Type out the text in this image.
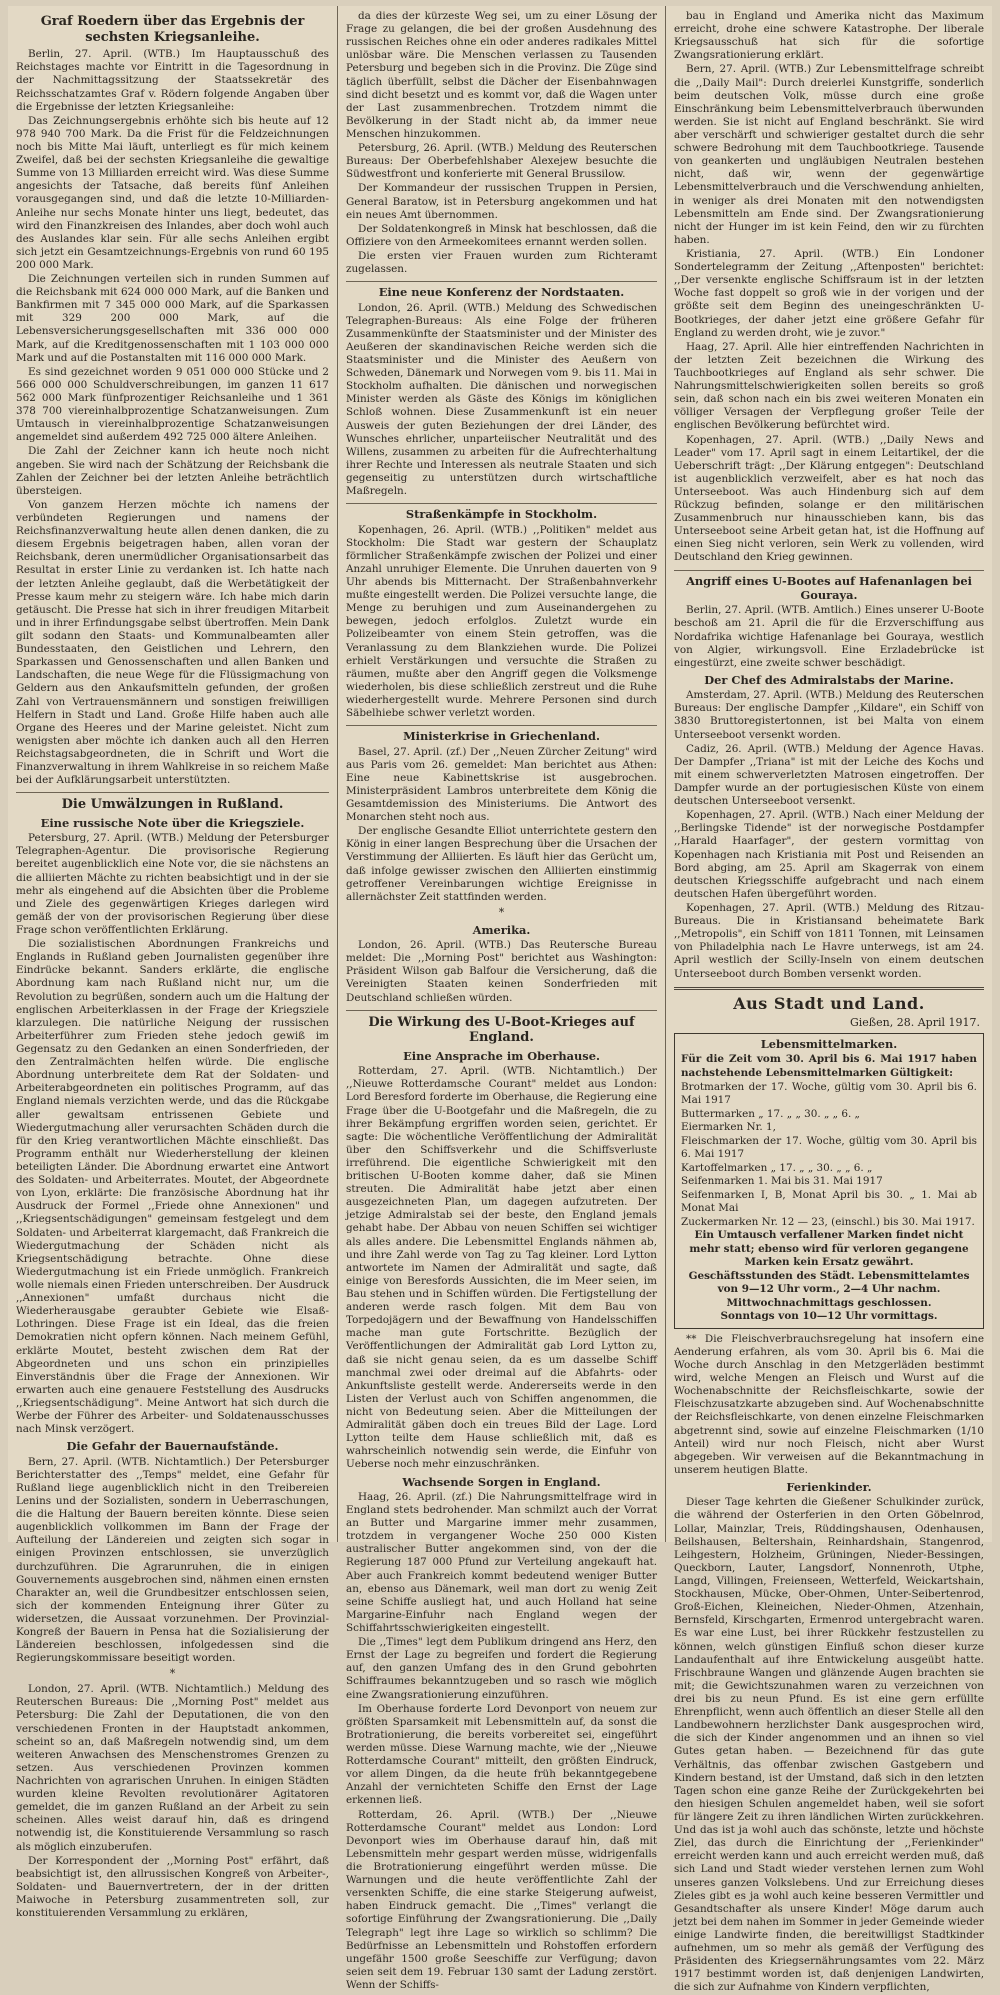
Graf Roedern über das Ergebnis der sechsten Kriegsanleihe.

Berlin, 27. April. (WTB.) Im Hauptausschuß des Reichstages machte vor Eintritt in die Tagesordnung in der Nachmittagssitzung der Staatssekretär des Reichsschatzamtes Graf v. Rödern folgende Angaben über die Ergebnisse der letzten Kriegsanleihe:

Das Zeichnungsergebnis erhöhte sich bis heute auf 12 978 940 700 Mark. Da die Frist für die Feldzeichnungen noch bis Mitte Mai läuft, unterliegt es für mich keinem Zweifel, daß bei der sechsten Kriegsanleihe die gewaltige Summe von 13 Milliarden erreicht wird. Was diese Summe angesichts der Tatsache, daß bereits fünf Anleihen vorausgegangen sind, und daß die letzte 10-Milliarden-Anleihe nur sechs Monate hinter uns liegt, bedeutet, das wird den Finanzkreisen des Inlandes, aber doch wohl auch des Auslandes klar sein. Für alle sechs Anleihen ergibt sich jetzt ein Gesamtzeichnungs-Ergebnis von rund 60 195 200 000 Mark.

Die Zeichnungen verteilen sich in runden Summen auf die Reichsbank mit 624 000 000 Mark, auf die Banken und Bankfirmen mit 7 345 000 000 Mark, auf die Sparkassen mit 329 200 000 Mark, auf die Lebensversicherungsgesellschaften mit 336 000 000 Mark, auf die Kreditgenossenschaften mit 1 103 000 000 Mark und auf die Postanstalten mit 116 000 000 Mark.

Es sind gezeichnet worden 9 051 000 000 Stücke und 2 566 000 000 Schuldverschreibungen, im ganzen 11 617 562 000 Mark fünfprozentiger Reichsanleihe und 1 361 378 700 viereinhalbprozentige Schatzanweisungen. Zum Umtausch in viereinhalbprozentige Schatzanweisungen angemeldet sind außerdem 492 725 000 ältere Anleihen.

Die Zahl der Zeichner kann ich heute noch nicht angeben. Sie wird nach der Schätzung der Reichsbank die Zahlen der Zeichner bei der letzten Anleihe beträchtlich übersteigen.

Von ganzem Herzen möchte ich namens der verbündeten Regierungen und namens der Reichsfinanzverwaltung heute allen denen danken, die zu diesem Ergebnis beigetragen haben, allen voran der Reichsbank, deren unermüdlicher Organisationsarbeit das Resultat in erster Linie zu verdanken ist. Ich hatte nach der letzten Anleihe geglaubt, daß die Werbetätigkeit der Presse kaum mehr zu steigern wäre. Ich habe mich darin getäuscht. Die Presse hat sich in ihrer freudigen Mitarbeit und in ihrer Erfindungsgabe selbst übertroffen. Mein Dank gilt sodann den Staats- und Kommunalbeamten aller Bundesstaaten, den Geistlichen und Lehrern, den Sparkassen und Genossenschaften und allen Banken und Landschaften, die neue Wege für die Flüssigmachung von Geldern aus den Ankaufsmitteln gefunden, der großen Zahl von Vertrauensmännern und sonstigen freiwilligen Helfern in Stadt und Land. Große Hilfe haben auch alle Organe des Heeres und der Marine geleistet. Nicht zum wenigsten aber möchte ich danken auch all den Herren Reichstagsabgeordneten, die in Schrift und Wort die Finanzverwaltung in ihrem Wahlkreise in so reichem Maße bei der Aufklärungsarbeit unterstützten.

Die Umwälzungen in Rußland.
Eine russische Note über die Kriegsziele.

Petersburg, 27. April. (WTB.) Meldung der Petersburger Telegraphen-Agentur. Die provisorische Regierung bereitet augenblicklich eine Note vor, die sie nächstens an die alliierten Mächte zu richten beabsichtigt und in der sie mehr als eingehend auf die Absichten über die Probleme und Ziele des gegenwärtigen Krieges darlegen wird gemäß der von der provisorischen Regierung über diese Frage schon veröffentlichten Erklärung.

Die sozialistischen Abordnungen Frankreichs und Englands in Rußland geben Journalisten gegenüber ihre Eindrücke bekannt. Sanders erklärte, die englische Abordnung kam nach Rußland nicht nur, um die Revolution zu begrüßen, sondern auch um die Haltung der englischen Arbeiterklassen in der Frage der Kriegsziele klarzulegen. Die natürliche Neigung der russischen Arbeiterführer zum Frieden stehe jedoch gewiß im Gegensatz zu den Gedanken an einen Sonderfrieden, der den Zentralmächten helfen würde. Die englische Abordnung unterbreitete dem Rat der Soldaten- und Arbeiterabgeordneten ein politisches Programm, auf das England niemals verzichten werde, und das die Rückgabe aller gewaltsam entrissenen Gebiete und Wiedergutmachung aller verursachten Schäden durch die für den Krieg verantwortlichen Mächte einschließt. Das Programm enthält nur Wiederherstellung der kleinen beteiligten Länder. Die Abordnung erwartet eine Antwort des Soldaten- und Arbeiterrates. Moutet, der Abgeordnete von Lyon, erklärte: Die französische Abordnung hat ihr Ausdruck der Formel ,,Friede ohne Annexionen" und ,,Kriegsentschädigungen" gemeinsam festgelegt und dem Soldaten- und Arbeiterrat klargemacht, daß Frankreich die Wiedergutmachung der Schäden nicht als Kriegsentschädigung betrachte. Ohne diese Wiedergutmachung ist ein Friede unmöglich. Frankreich wolle niemals einen Frieden unterschreiben. Der Ausdruck ,,Annexionen" umfaßt durchaus nicht die Wiederherausgabe geraubter Gebiete wie Elsaß-Lothringen. Diese Frage ist ein Ideal, das die freien Demokratien nicht opfern können. Nach meinem Gefühl, erklärte Moutet, besteht zwischen dem Rat der Abgeordneten und uns schon ein prinzipielles Einverständnis über die Frage der Annexionen. Wir erwarten auch eine genauere Feststellung des Ausdrucks ,,Kriegsentschädigung". Meine Antwort hat sich durch die Werbe der Führer des Arbeiter- und Soldatenausschusses nach Minsk verzögert.

Die Gefahr der Bauernaufstände.

Bern, 27. April. (WTB. Nichtamtlich.) Der Petersburger Berichterstatter des ,,Temps" meldet, eine Gefahr für Rußland liege augenblicklich nicht in den Treibereien Lenins und der Sozialisten, sondern in Ueberraschungen, die die Haltung der Bauern bereiten könnte. Diese seien augenblicklich vollkommen im Bann der Frage der Aufteilung der Ländereien und zeigten sich sogar in einigen Provinzen entschlossen, sie unverzüglich durchzuführen. Die Agrarunruhen, die in einigen Gouvernements ausgebrochen sind, nähmen einen ernsten Charakter an, weil die Grundbesitzer entschlossen seien, sich der kommenden Enteignung ihrer Güter zu widersetzen, die Aussaat vorzunehmen. Der Provinzial-Kongreß der Bauern in Pensa hat die Sozialisierung der Ländereien beschlossen, infolgedessen sind die Regierungskommissare beseitigt worden.

*

London, 27. April. (WTB. Nichtamtlich.) Meldung des Reuterschen Bureaus: Die ,,Morning Post" meldet aus Petersburg: Die Zahl der Deputationen, die von den verschiedenen Fronten in der Hauptstadt ankommen, scheint so an, daß Maßregeln notwendig sind, um dem weiteren Anwachsen des Menschenstromes Grenzen zu setzen. Aus verschiedenen Provinzen kommen Nachrichten von agrarischen Unruhen. In einigen Städten wurden kleine Revolten revolutionärer Agitatoren gemeldet, die im ganzen Rußland an der Arbeit zu sein scheinen. Alles weist darauf hin, daß es dringend notwendig ist, die Konstituierende Versammlung so rasch als möglich einzuberufen.

Der Korrespondent der ,,Morning Post" erfährt, daß beabsichtigt ist, den allrussischen Kongreß von Arbeiter-, Soldaten- und Bauernvertretern, der in der dritten Maiwoche in Petersburg zusammentreten soll, zur konstituierenden Versammlung zu erklären,

da dies der kürzeste Weg sei, um zu einer Lösung der Frage zu gelangen, die bei der großen Ausdehnung des russischen Reiches ohne ein oder anderes radikales Mittel unlösbar wäre. Die Menschen verlassen zu Tausenden Petersburg und begeben sich in die Provinz. Die Züge sind täglich überfüllt, selbst die Dächer der Eisenbahnwagen sind dicht besetzt und es kommt vor, daß die Wagen unter der Last zusammenbrechen. Trotzdem nimmt die Bevölkerung in der Stadt nicht ab, da immer neue Menschen hinzukommen.

Petersburg, 26. April. (WTB.) Meldung des Reuterschen Bureaus: Der Oberbefehlshaber Alexejew besuchte die Südwestfront und konferierte mit General Brussilow.

Der Kommandeur der russischen Truppen in Persien, General Baratow, ist in Petersburg angekommen und hat ein neues Amt übernommen.

Der Soldatenkongreß in Minsk hat beschlossen, daß die Offiziere von den Armeekomitees ernannt werden sollen.

Die ersten vier Frauen wurden zum Richteramt zugelassen.

Eine neue Konferenz der Nordstaaten.

London, 26. April. (WTB.) Meldung des Schwedischen Telegraphen-Bureaus: Als eine Folge der früheren Zusammenkünfte der Staatsminister und der Minister des Aeußeren der skandinavischen Reiche werden sich die Staatsminister und die Minister des Aeußern von Schweden, Dänemark und Norwegen vom 9. bis 11. Mai in Stockholm aufhalten. Die dänischen und norwegischen Minister werden als Gäste des Königs im königlichen Schloß wohnen. Diese Zusammenkunft ist ein neuer Ausweis der guten Beziehungen der drei Länder, des Wunsches ehrlicher, unparteiischer Neutralität und des Willens, zusammen zu arbeiten für die Aufrechterhaltung ihrer Rechte und Interessen als neutrale Staaten und sich gegenseitig zu unterstützen durch wirtschaftliche Maßregeln.

Straßenkämpfe in Stockholm.

Kopenhagen, 26. April. (WTB.) ,,Politiken" meldet aus Stockholm: Die Stadt war gestern der Schauplatz förmlicher Straßenkämpfe zwischen der Polizei und einer Anzahl unruhiger Elemente. Die Unruhen dauerten von 9 Uhr abends bis Mitternacht. Der Straßenbahnverkehr mußte eingestellt werden. Die Polizei versuchte lange, die Menge zu beruhigen und zum Auseinandergehen zu bewegen, jedoch erfolglos. Zuletzt wurde ein Polizeibeamter von einem Stein getroffen, was die Veranlassung zu dem Blankziehen wurde. Die Polizei erhielt Verstärkungen und versuchte die Straßen zu räumen, mußte aber den Angriff gegen die Volksmenge wiederholen, bis diese schließlich zerstreut und die Ruhe wiederhergestellt wurde. Mehrere Personen sind durch Säbelhiebe schwer verletzt worden.

Ministerkrise in Griechenland.

Basel, 27. April. (zf.) Der ,,Neuen Zürcher Zeitung" wird aus Paris vom 26. gemeldet: Man berichtet aus Athen: Eine neue Kabinettskrise ist ausgebrochen. Ministerpräsident Lambros unterbreitete dem König die Gesamtdemission des Ministeriums. Die Antwort des Monarchen steht noch aus.

Der englische Gesandte Elliot unterrichtete gestern den König in einer langen Besprechung über die Ursachen der Verstimmung der Alliierten. Es läuft hier das Gerücht um, daß infolge gewisser zwischen den Alliierten einstimmig getroffener Vereinbarungen wichtige Ereignisse in allernächster Zeit stattfinden werden.

*
Amerika.

London, 26. April. (WTB.) Das Reutersche Bureau meldet: Die ,,Morning Post" berichtet aus Washington: Präsident Wilson gab Balfour die Versicherung, daß die Vereinigten Staaten keinen Sonderfrieden mit Deutschland schließen würden.

Die Wirkung des U-Boot-Krieges auf England.
Eine Ansprache im Oberhause.

Rotterdam, 27. April. (WTB. Nichtamtlich.) Der ,,Nieuwe Rotterdamsche Courant" meldet aus London: Lord Beresford forderte im Oberhause, die Regierung eine Frage über die U-Bootgefahr und die Maßregeln, die zu ihrer Bekämpfung ergriffen worden seien, gerichtet. Er sagte: Die wöchentliche Veröffentlichung der Admiralität über den Schiffsverkehr und die Schiffsverluste irreführend. Die eigentliche Schwierigkeit mit den britischen U-Booten komme daher, daß sie Minen streuten. Die Admiralität habe jetzt aber einen ausgezeichneten Plan, um dagegen aufzutreten. Der jetzige Admiralstab sei der beste, den England jemals gehabt habe. Der Abbau von neuen Schiffen sei wichtiger als alles andere. Die Lebensmittel Englands nähmen ab, und ihre Zahl werde von Tag zu Tag kleiner. Lord Lytton antwortete im Namen der Admiralität und sagte, daß einige von Beresfords Aussichten, die im Meer seien, im Bau stehen und in Schiffen würden. Die Fertigstellung der anderen werde rasch folgen. Mit dem Bau von Torpedojägern und der Bewaffnung von Handelsschiffen mache man gute Fortschritte. Bezüglich der Veröffentlichungen der Admiralität gab Lord Lytton zu, daß sie nicht genau seien, da es um dasselbe Schiff manchmal zwei oder dreimal auf die Abfahrts- oder Ankunftsliste gestellt werde. Andererseits werde in den Listen der Verlust auch von Schiffen angenommen, die nicht von Bedeutung seien. Aber die Mitteilungen der Admiralität gäben doch ein treues Bild der Lage. Lord Lytton teilte dem Hause schließlich mit, daß es wahrscheinlich notwendig sein werde, die Einfuhr von Ueberse noch mehr einzuschränken.

Wachsende Sorgen in England.

Haag, 26. April. (zf.) Die Nahrungsmittelfrage wird in England stets bedrohender. Man schmilzt auch der Vorrat an Butter und Margarine immer mehr zusammen, trotzdem in vergangener Woche 250 000 Kisten australischer Butter angekommen sind, von der die Regierung 187 000 Pfund zur Verteilung angekauft hat. Aber auch Frankreich kommt bedeutend weniger Butter an, ebenso aus Dänemark, weil man dort zu wenig Zeit seine Schiffe ausliegt hat, und auch Holland hat seine Margarine-Einfuhr nach England wegen der Schiffahrtsschwierigkeiten eingestellt.

Die ,,Times" legt dem Publikum dringend ans Herz, den Ernst der Lage zu begreifen und fordert die Regierung auf, den ganzen Umfang des in den Grund gebohrten Schiffraumes bekanntzugeben und so rasch wie möglich eine Zwangsrationierung einzuführen.

Im Oberhause forderte Lord Devonport von neuem zur größten Sparsamkeit mit Lebensmitteln auf, da sonst die Brotrationierung, die bereits vorbereitet sei, eingeführt werden müsse. Diese Warnung machte, wie der ,,Nieuwe Rotterdamsche Courant" mitteilt, den größten Eindruck, vor allem Dingen, da die heute früh bekanntgegebene Anzahl der vernichteten Schiffe den Ernst der Lage erkennen ließ.

Rotterdam, 26. April. (WTB.) Der ,,Nieuwe Rotterdamsche Courant" meldet aus London: Lord Devonport wies im Oberhause darauf hin, daß mit Lebensmitteln mehr gespart werden müsse, widrigenfalls die Brotrationierung eingeführt werden müsse. Die Warnungen und die heute veröffentlichte Zahl der versenkten Schiffe, die eine starke Steigerung aufweist, haben Eindruck gemacht. Die ,,Times" verlangt die sofortige Einführung der Zwangsrationierung. Die ,,Daily Telegraph" legt ihre Lage so wirklich so schlimm? Die Bedürfnisse an Lebensmitteln und Rohstoffen erfordern ungefähr 1500 große Seeschiffe zur Verfügung; davon seien seit dem 19. Februar 130 samt der Ladung zerstört. Wenn der Schiffs-

bau in England und Amerika nicht das Maximum erreicht, drohe eine schwere Katastrophe. Der liberale Kriegsausschuß hat sich für die sofortige Zwangsrationierung erklärt.

Bern, 27. April. (WTB.) Zur Lebensmittelfrage schreibt die ,,Daily Mail": Durch dreierlei Kunstgriffe, sonderlich beim deutschen Volk, müsse durch eine große Einschränkung beim Lebensmittelverbrauch überwunden werden. Sie ist nicht auf England beschränkt. Sie wird aber verschärft und schwieriger gestaltet durch die sehr schwere Bedrohung mit dem Tauchbootkriege. Tausende von geankerten und ungläubigen Neutralen bestehen nicht, daß wir, wenn der gegenwärtige Lebensmittelverbrauch und die Verschwendung anhielten, in weniger als drei Monaten mit den notwendigsten Lebensmitteln am Ende sind. Der Zwangsrationierung nicht der Hunger im ist kein Feind, den wir zu fürchten haben.

Kristiania, 27. April. (WTB.) Ein Londoner Sondertelegramm der Zeitung ,,Aftenposten" berichtet: ,,Der versenkte englische Schiffsraum ist in der letzten Woche fast doppelt so groß wie in der vorigen und der größte seit dem Beginn des uneingeschränkten U-Bootkrieges, der daher jetzt eine größere Gefahr für England zu werden droht, wie je zuvor."

Haag, 27. April. Alle hier eintreffenden Nachrichten in der letzten Zeit bezeichnen die Wirkung des Tauchbootkrieges auf England als sehr schwer. Die Nahrungsmittelschwierigkeiten sollen bereits so groß sein, daß schon nach ein bis zwei weiteren Monaten ein völliger Versagen der Verpflegung großer Teile der englischen Bevölkerung befürchtet wird.

Kopenhagen, 27. April. (WTB.) ,,Daily News and Leader" vom 17. April sagt in einem Leitartikel, der die Ueberschrift trägt: ,,Der Klärung entgegen": Deutschland ist augenblicklich verzweifelt, aber es hat noch das Unterseeboot. Was auch Hindenburg sich auf dem Rückzug befinden, solange er den militärischen Zusammenbruch nur hinausschieben kann, bis das Unterseeboot seine Arbeit getan hat, ist die Hoffnung auf einen Sieg nicht verloren, sein Werk zu vollenden, wird Deutschland den Krieg gewinnen.

Angriff eines U-Bootes auf Hafenanlagen bei Gouraya.

Berlin, 27. April. (WTB. Amtlich.) Eines unserer U-Boote beschoß am 21. April die für die Erzverschiffung aus Nordafrika wichtige Hafenanlage bei Gouraya, westlich von Algier, wirkungsvoll. Eine Erzladebrücke ist eingestürzt, eine zweite schwer beschädigt.

Der Chef des Admiralstabs der Marine.

Amsterdam, 27. April. (WTB.) Meldung des Reuterschen Bureaus: Der englische Dampfer ,,Kildare", ein Schiff von 3830 Bruttoregistertonnen, ist bei Malta von einem Unterseeboot versenkt worden.

Cadiz, 26. April. (WTB.) Meldung der Agence Havas. Der Dampfer ,,Triana" ist mit der Leiche des Kochs und mit einem schwerverletzten Matrosen eingetroffen. Der Dampfer wurde an der portugiesischen Küste von einem deutschen Unterseeboot versenkt.

Kopenhagen, 27. April. (WTB.) Nach einer Meldung der ,,Berlingske Tidende" ist der norwegische Postdampfer ,,Harald Haarfager", der gestern vormittag von Kopenhagen nach Kristiania mit Post und Reisenden an Bord abging, am 25. April am Skagerrak von einem deutschen Kriegsschiffe aufgebracht und nach einem deutschen Hafen übergeführt worden.

Kopenhagen, 27. April. (WTB.) Meldung des Ritzau-Bureaus. Die in Kristiansand beheimatete Bark ,,Metropolis", ein Schiff von 1811 Tonnen, mit Leinsamen von Philadelphia nach Le Havre unterwegs, ist am 24. April westlich der Scilly-Inseln von einem deutschen Unterseeboot durch Bomben versenkt worden.

Aus Stadt und Land.
Gießen, 28. April 1917.
Lebensmittelmarken.

Für die Zeit vom 30. April bis 6. Mai 1917 haben nachstehende Lebensmittelmarken Gültigkeit:

Brotmarken der 17. Woche, gültig vom 30. April bis 6. Mai 1917

Buttermarken „ 17. „ „ 30. „ „ 6. „

Eiermarken Nr. 1,

Fleischmarken der 17. Woche, gültig vom 30. April bis 6. Mai 1917

Kartoffelmarken „ 17. „ „ 30. „ „ 6. „

Seifenmarken 1. Mai bis 31. Mai 1917

Seifenmarken I, B, Monat April bis 30. „ 1. Mai ab Monat Mai

Zuckermarken Nr. 12 — 23, (einschl.) bis 30. Mai 1917.

Ein Umtausch verfallener Marken findet nicht mehr statt; ebenso wird für verloren gegangene Marken kein Ersatz gewährt.

Geschäftsstunden des Städt. Lebensmittelamtes von 9—12 Uhr vorm., 2—4 Uhr nachm.

Mittwochnachmittags geschlossen.

Sonntags von 10—12 Uhr vormittags.

** Die Fleischverbrauchsregelung hat insofern eine Aenderung erfahren, als vom 30. April bis 6. Mai die Woche durch Anschlag in den Metzgerläden bestimmt wird, welche Mengen an Fleisch und Wurst auf die Wochenabschnitte der Reichsfleischkarte, sowie der Fleischzusatzkarte abzugeben sind. Auf Wochenabschnitte der Reichsfleischkarte, von denen einzelne Fleischmarken abgetrennt sind, sowie auf einzelne Fleischmarken (1/10 Anteil) wird nur noch Fleisch, nicht aber Wurst abgegeben. Wir verweisen auf die Bekanntmachung in unserem heutigen Blatte.

Ferienkinder.

Dieser Tage kehrten die Gießener Schulkinder zurück, die während der Osterferien in den Orten Göbelnrod, Lollar, Mainzlar, Treis, Rüddingshausen, Odenhausen, Beilshausen, Beltershain, Reinhardshain, Stangenrod, Leihgestern, Holzheim, Grüningen, Nieder-Bessingen, Queckborn, Lauter, Langsdorf, Nonnenroth, Utphe, Langd, Villingen, Freienseen, Wetterfeld, Weickartshain, Stockhausen, Mücke, Ober-Ohmen, Unter-Seibertenrod, Groß-Eichen, Kleineichen, Nieder-Ohmen, Atzenhain, Bernsfeld, Kirschgarten, Ermenrod untergebracht waren. Es war eine Lust, bei ihrer Rückkehr festzustellen zu können, welch günstigen Einfluß schon dieser kurze Landaufenthalt auf ihre Entwickelung ausgeübt hatte. Frischbraune Wangen und glänzende Augen brachten sie mit; die Gewichtszunahmen waren zu verzeichnen von drei bis zu neun Pfund. Es ist eine gern erfüllte Ehrenpflicht, wenn auch öffentlich an dieser Stelle all den Landbewohnern herzlichster Dank ausgesprochen wird, die sich der Kinder angenommen und an ihnen so viel Gutes getan haben. — Bezeichnend für das gute Verhältnis, das offenbar zwischen Gastgebern und Kindern bestand, ist der Umstand, daß sich in den letzten Tagen schon eine ganze Reihe der Zurückgekehrten bei den hiesigen Schulen angemeldet haben, weil sie sofort für längere Zeit zu ihren ländlichen Wirten zurückkehren. Und das ist ja wohl auch das schönste, letzte und höchste Ziel, das durch die Einrichtung der ,,Ferienkinder" erreicht werden kann und auch erreicht werden muß, daß sich Land und Stadt wieder verstehen lernen zum Wohl unseres ganzen Volkslebens. Und zur Erreichung dieses Zieles gibt es ja wohl auch keine besseren Vermittler und Gesandtschafter als unsere Kinder! Möge darum auch jetzt bei dem nahen im Sommer in jeder Gemeinde wieder einige Landwirte finden, die bereitwilligst Stadtkinder aufnehmen, um so mehr als gemäß der Verfügung des Präsidenten des Kriegsernährungsamtes vom 22. März 1917 bestimmt worden ist, daß denjenigen Landwirten, die sich zur Aufnahme von Kindern verpflichten,
